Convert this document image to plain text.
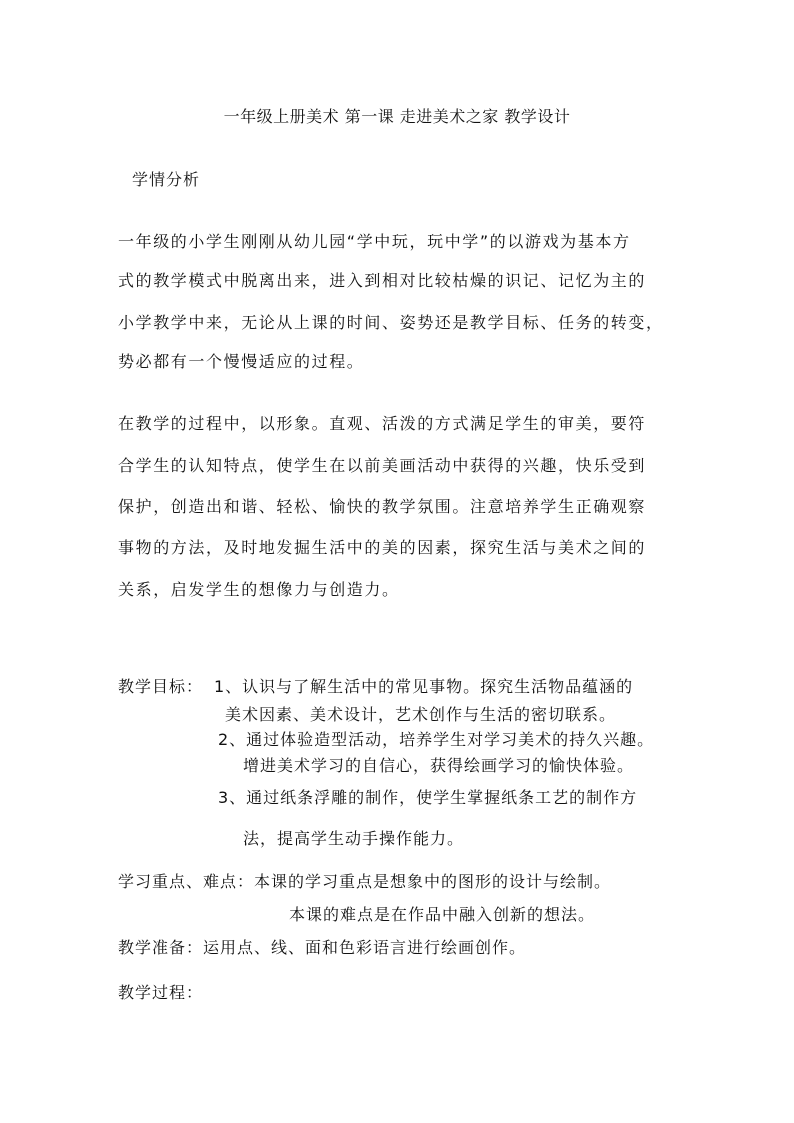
一年级上册美术 第一课 走进美术之家 教学设计
学情分析
一年级的小学生刚刚从幼儿园“学中玩，玩中学”的以游戏为基本方
式的教学模式中脱离出来，进入到相对比较枯燥的识记、记忆为主的
小学教学中来，无论从上课的时间、姿势还是教学目标、任务的转变，
势必都有一个慢慢适应的过程。
在教学的过程中，以形象。直观、活泼的方式满足学生的审美，要符
合学生的认知特点，使学生在以前美画活动中获得的兴趣，快乐受到
保护，创造出和谐、轻松、愉快的教学氛围。注意培养学生正确观察
事物的方法，及时地发掘生活中的美的因素，探究生活与美术之间的
关系，启发学生的想像力与创造力。
教学目标： 1、认识与了解生活中的常见事物。探究生活物品蕴涵的
美术因素、美术设计，艺术创作与生活的密切联系。
2、通过体验造型活动，培养学生对学习美术的持久兴趣。
增进美术学习的自信心，获得绘画学习的愉快体验。
3、通过纸条浮雕的制作，使学生掌握纸条工艺的制作方
法，提高学生动手操作能力。
学习重点、难点：本课的学习重点是想象中的图形的设计与绘制。
本课的难点是在作品中融入创新的想法。
教学准备：运用点、线、面和色彩语言进行绘画创作。
教学过程：
